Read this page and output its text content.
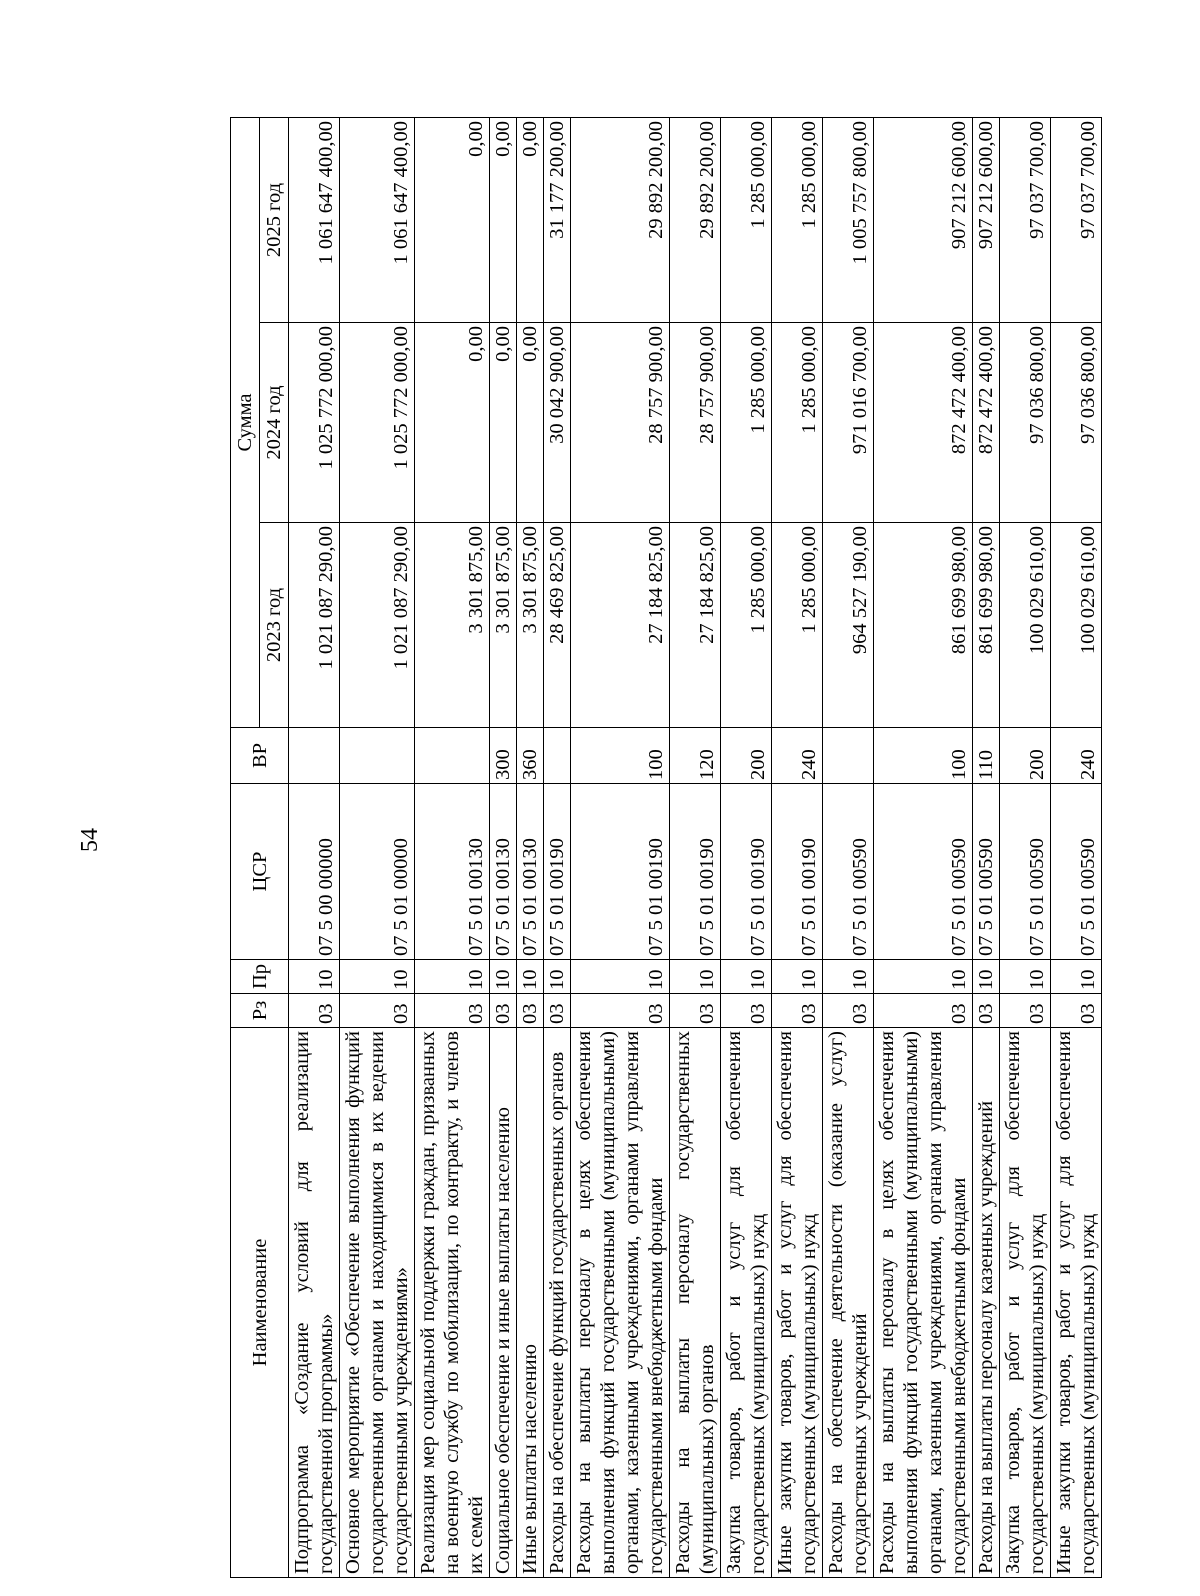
54
Наименование	Рз	Пр	ЦСР	ВР	Сумма		
					2023 год	2024 год	2025 год
Подпрограмма «Создание условий для реализации государственной программы»	03	10	07 5 00 00000		1 021 087 290,00	1 025 772 000,00	1 061 647 400,00
Основное мероприятие «Обеспечение выполнения функций государственными органами и находящимися в их ведении государственными учреждениями»	03	10	07 5 01 00000		1 021 087 290,00	1 025 772 000,00	1 061 647 400,00
Реализация мер социальной поддержки граждан, призванных на военную службу по мобилизации, по контракту, и членов их семей	03	10	07 5 01 00130		3 301 875,00	0,00	0,00
Социальное обеспечение и иные выплаты населению	03	10	07 5 01 00130	300	3 301 875,00	0,00	0,00
Иные выплаты населению	03	10	07 5 01 00130	360	3 301 875,00	0,00	0,00
Расходы на обеспечение функций государственных органов	03	10	07 5 01 00190		28 469 825,00	30 042 900,00	31 177 200,00
Расходы на выплаты персоналу в целях обеспечения выполнения функций государственными (муниципальными) органами, казенными учреждениями, органами управления государственными внебюджетными фондами	03	10	07 5 01 00190	100	27 184 825,00	28 757 900,00	29 892 200,00
Расходы на выплаты персоналу государственных (муниципальных) органов	03	10	07 5 01 00190	120	27 184 825,00	28 757 900,00	29 892 200,00
Закупка товаров, работ и услуг для обеспечения государственных (муниципальных) нужд	03	10	07 5 01 00190	200	1 285 000,00	1 285 000,00	1 285 000,00
Иные закупки товаров, работ и услуг для обеспечения государственных (муниципальных) нужд	03	10	07 5 01 00190	240	1 285 000,00	1 285 000,00	1 285 000,00
Расходы на обеспечение деятельности (оказание услуг) государственных учреждений	03	10	07 5 01 00590		964 527 190,00	971 016 700,00	1 005 757 800,00
Расходы на выплаты персоналу в целях обеспечения выполнения функций государственными (муниципальными) органами, казенными учреждениями, органами управления государственными внебюджетными фондами	03	10	07 5 01 00590	100	861 699 980,00	872 472 400,00	907 212 600,00
Расходы на выплаты персоналу казенных учреждений	03	10	07 5 01 00590	110	861 699 980,00	872 472 400,00	907 212 600,00
Закупка товаров, работ и услуг для обеспечения государственных (муниципальных) нужд	03	10	07 5 01 00590	200	100 029 610,00	97 036 800,00	97 037 700,00
Иные закупки товаров, работ и услуг для обеспечения государственных (муниципальных) нужд	03	10	07 5 01 00590	240	100 029 610,00	97 036 800,00	97 037 700,00
